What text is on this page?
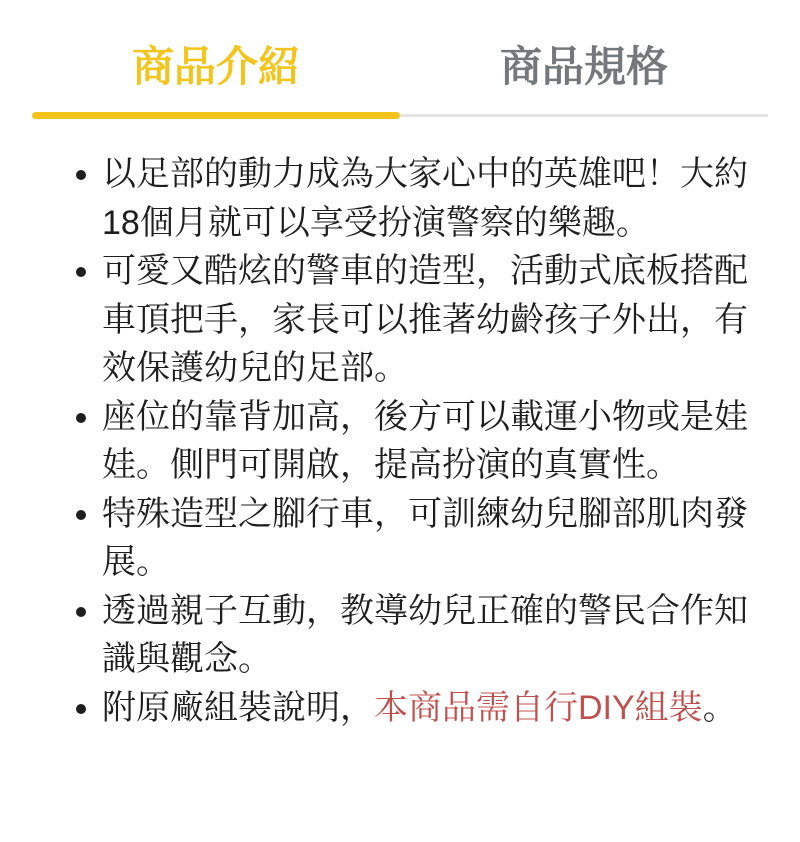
商品介紹	商品規格
以足部的動力成為大家心中的英雄吧！大約18個月就可以享受扮演警察的樂趣。
可愛又酷炫的警車的造型，活動式底板搭配車頂把手，家長可以推著幼齡孩子外出，有效保護幼兒的足部。
座位的靠背加高，後方可以載運小物或是娃娃。側門可開啟，提高扮演的真實性。
特殊造型之腳行車，可訓練幼兒腳部肌肉發展。
透過親子互動，教導幼兒正確的警民合作知識與觀念。
附原廠組裝說明，本商品需自行DIY組裝。
